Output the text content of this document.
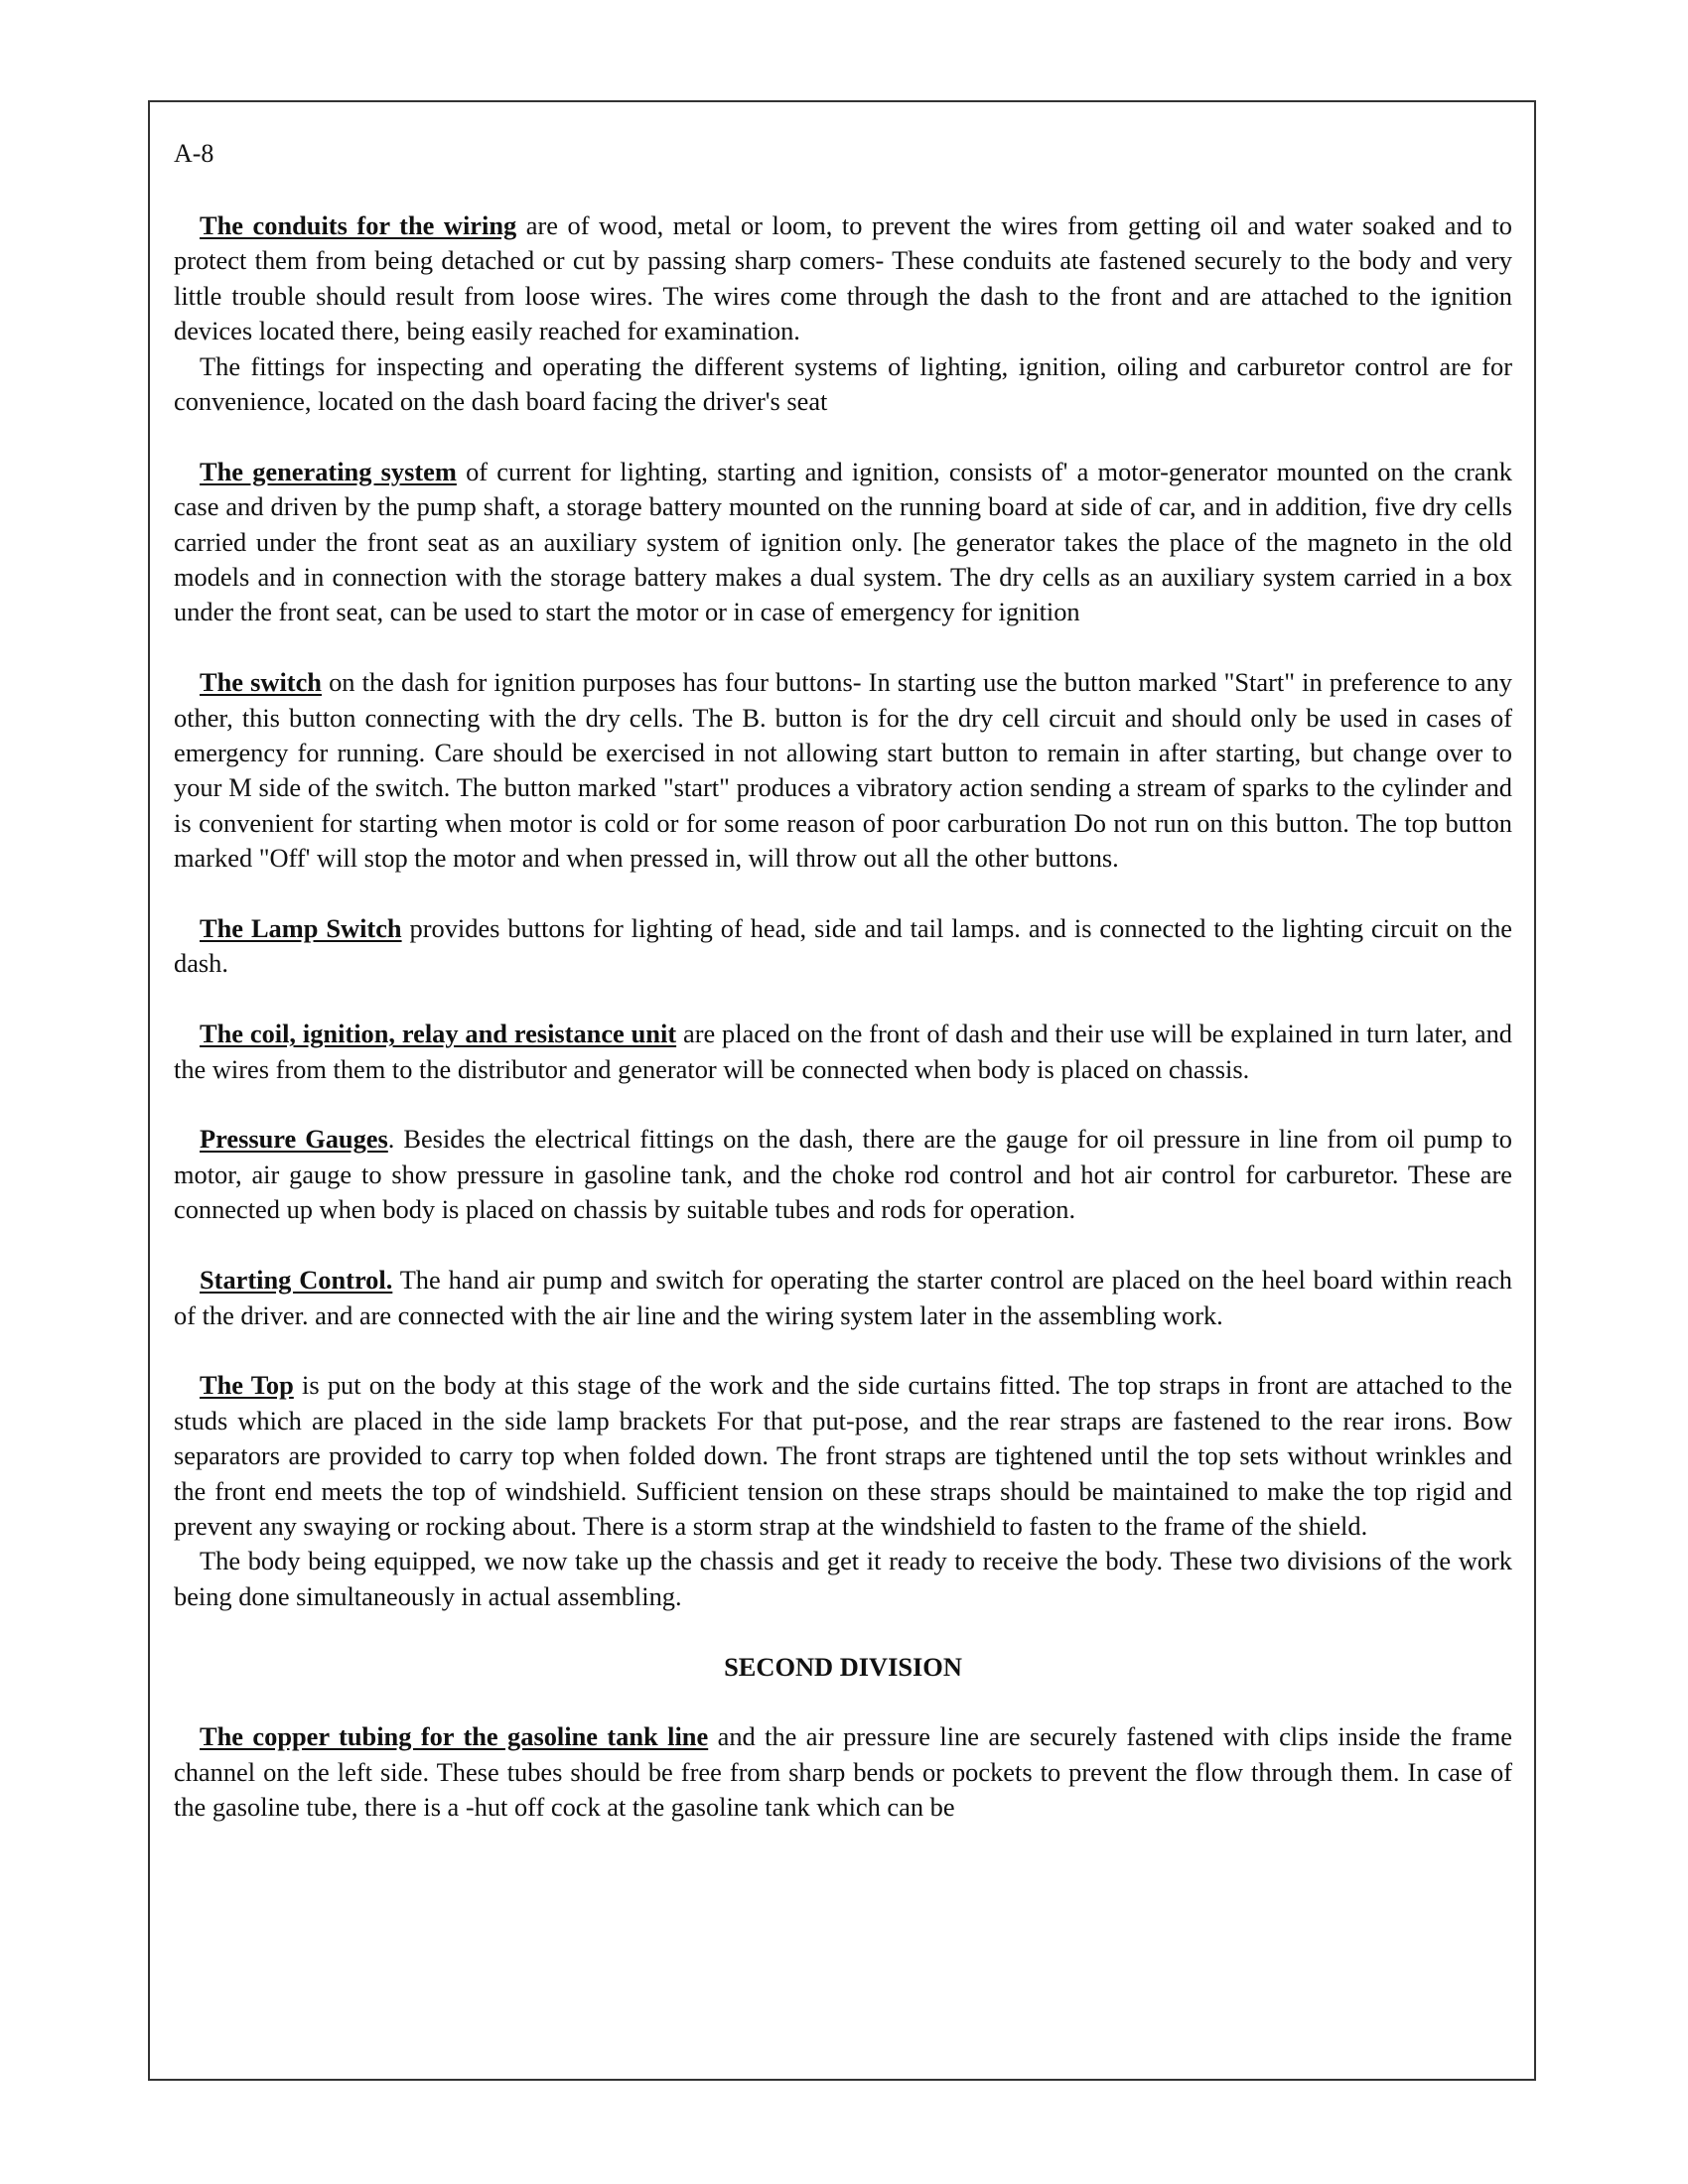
A-8

The conduits for the wiring are of wood, metal or loom, to prevent the wires from getting oil and water soaked and to protect them from being detached or cut by passing sharp comers- These conduits ate fastened securely to the body and very little trouble should result from loose wires. The wires come through the dash to the front and are attached to the ignition devices located there, being easily reached for examination.

The fittings for inspecting and operating the different systems of lighting, ignition, oiling and carburetor control are for convenience, located on the dash board facing the driver's seat

The generating system of current for lighting, starting and ignition, consists of' a motor-generator mounted on the crank case and driven by the pump shaft, a storage battery mounted on the running board at side of car, and in addition, five dry cells carried under the front seat as an auxiliary system of ignition only. [he generator takes the place of the magneto in the old models and in connection with the storage battery makes a dual system. The dry cells as an auxiliary system carried in a box under the front seat, can be used to start the motor or in case of emergency for ignition

The switch on the dash for ignition purposes has four buttons- In starting use the button marked "Start" in preference to any other, this button connecting with the dry cells. The B. button is for the dry cell circuit and should only be used in cases of emergency for running. Care should be exercised in not allowing start button to remain in after starting, but change over to your M side of the switch. The button marked "start" produces a vibratory action sending a stream of sparks to the cylinder and is convenient for starting when motor is cold or for some reason of poor carburation Do not run on this button. The top button marked "Off' will stop the motor and when pressed in, will throw out all the other buttons.

The Lamp Switch provides buttons for lighting of head, side and tail lamps. and is connected to the lighting circuit on the dash.

The coil, ignition, relay and resistance unit are placed on the front of dash and their use will be explained in turn later, and the wires from them to the distributor and generator will be connected when body is placed on chassis.

Pressure Gauges. Besides the electrical fittings on the dash, there are the gauge for oil pressure in line from oil pump to motor, air gauge to show pressure in gasoline tank, and the choke rod control and hot air control for carburetor. These are connected up when body is placed on chassis by suitable tubes and rods for operation.

Starting Control. The hand air pump and switch for operating the starter control are placed on the heel board within reach of the driver. and are connected with the air line and the wiring system later in the assembling work.

The Top is put on the body at this stage of the work and the side curtains fitted. The top straps in front are attached to the studs which are placed in the side lamp brackets For that put-pose, and the rear straps are fastened to the rear irons. Bow separators are provided to carry top when folded down. The front straps are tightened until the top sets without wrinkles and the front end meets the top of windshield. Sufficient tension on these straps should be maintained to make the top rigid and prevent any swaying or rocking about. There is a storm strap at the windshield to fasten to the frame of the shield.

The body being equipped, we now take up the chassis and get it ready to receive the body. These two divisions of the work being done simultaneously in actual assembling.

SECOND DIVISION

The copper tubing for the gasoline tank line and the air pressure line are securely fastened with clips inside the frame channel on the left side. These tubes should be free from sharp bends or pockets to prevent the flow through them. In case of the gasoline tube, there is a -hut off cock at the gasoline tank which can be
